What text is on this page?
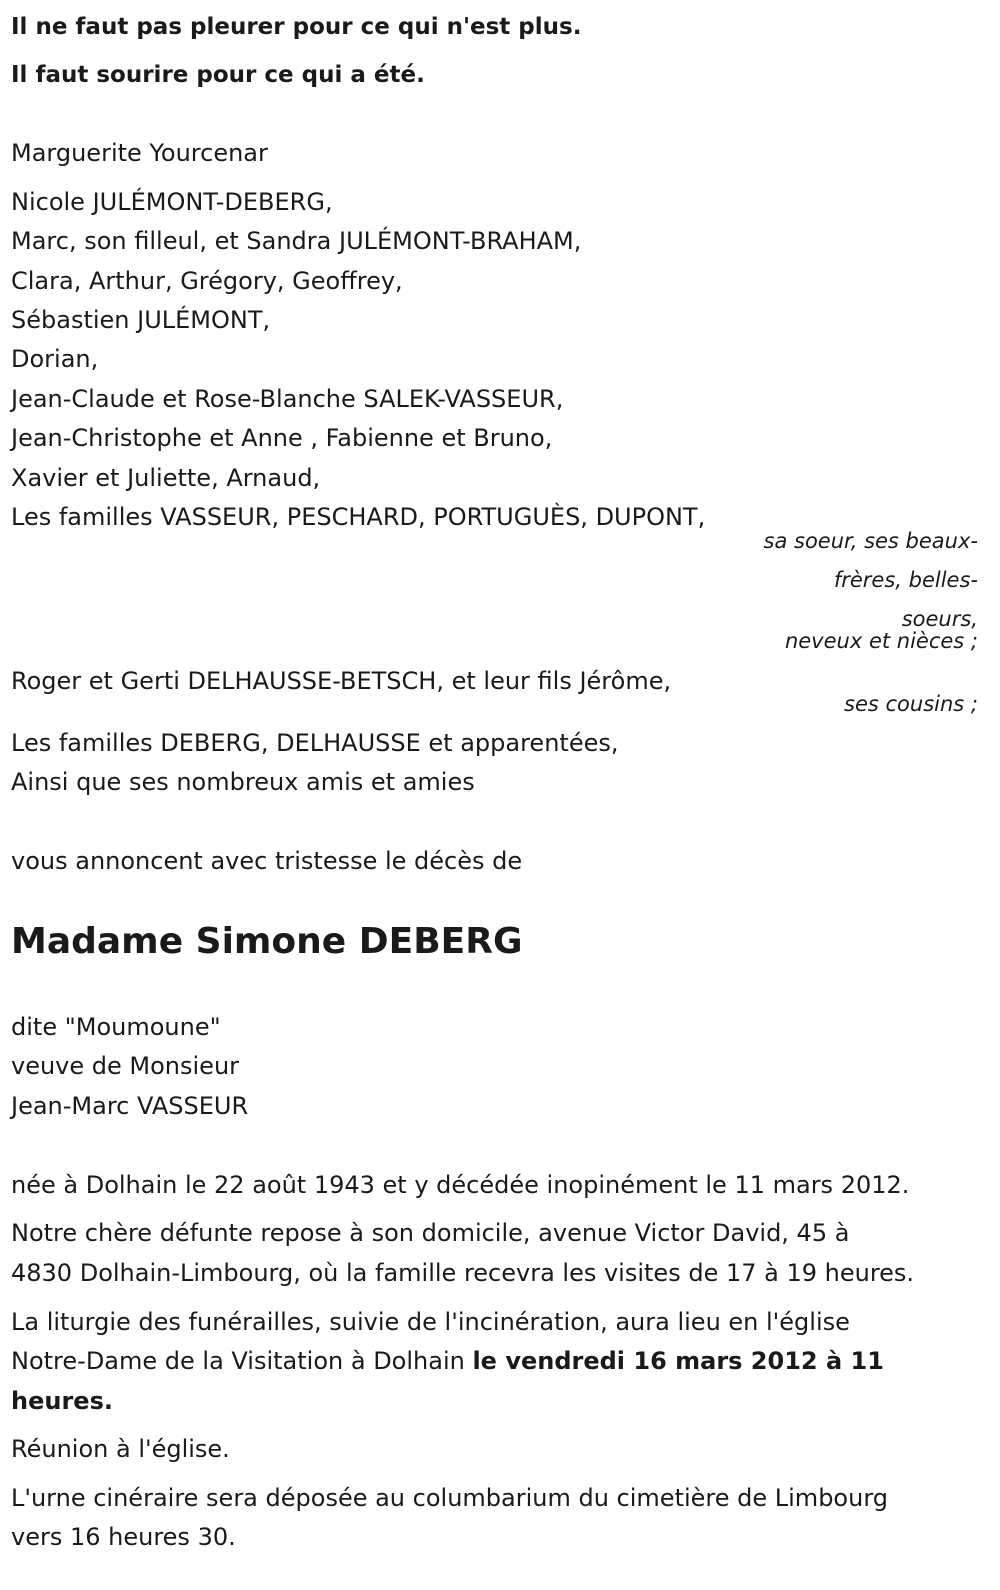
Il ne faut pas pleurer pour ce qui n'est plus.
Il faut sourire pour ce qui a été.
Marguerite Yourcenar
Nicole JULÉMONT-DEBERG,
Marc, son filleul, et Sandra JULÉMONT-BRAHAM,
Clara, Arthur, Grégory, Geoffrey,
Sébastien JULÉMONT,
Dorian,
Jean-Claude et Rose-Blanche SALEK-VASSEUR,
Jean-Christophe et Anne , Fabienne et Bruno,
Xavier et Juliette, Arnaud,
Les familles VASSEUR, PESCHARD, PORTUGUÈS, DUPONT,
sa soeur, ses beaux-
frères, belles-
soeurs,
neveux et nièces ;
Roger et Gerti DELHAUSSE-BETSCH, et leur fils Jérôme,
ses cousins ;
Les familles DEBERG, DELHAUSSE et apparentées,
Ainsi que ses nombreux amis et amies
vous annoncent avec tristesse le décès de
Madame Simone DEBERG
dite "Moumoune"
veuve de Monsieur
Jean-Marc VASSEUR
née à Dolhain le 22 août 1943 et y décédée inopinément le 11 mars 2012.
Notre chère défunte repose à son domicile, avenue Victor David, 45 à
4830 Dolhain-Limbourg, où la famille recevra les visites de 17 à 19 heures.
La liturgie des funérailles, suivie de l'incinération, aura lieu en l'église
Notre-Dame de la Visitation à Dolhain le vendredi 16 mars 2012 à 11
heures.
Réunion à l'église.
L'urne cinéraire sera déposée au columbarium du cimetière de Limbourg
vers 16 heures 30.
